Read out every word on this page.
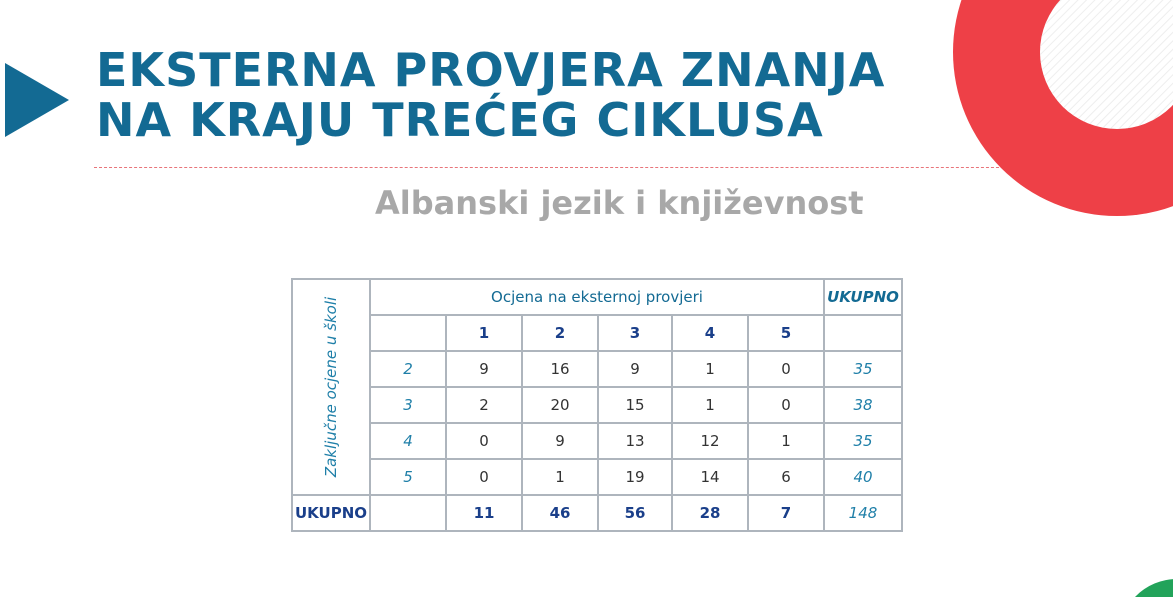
EKSTERNA PROVJERA ZNANJA
NA KRAJU TREĆEG CIKLUSA
Albanski jezik i književnost
Zaključne ocjene u školi	Ocjena na eksternoj provjeri						UKUPNO
		1	2	3	4	5	
	2	9	16	9	1	0	35
	3	2	20	15	1	0	38
	4	0	9	13	12	1	35
	5	0	1	19	14	6	40
UKUPNO		11	46	56	28	7	148
